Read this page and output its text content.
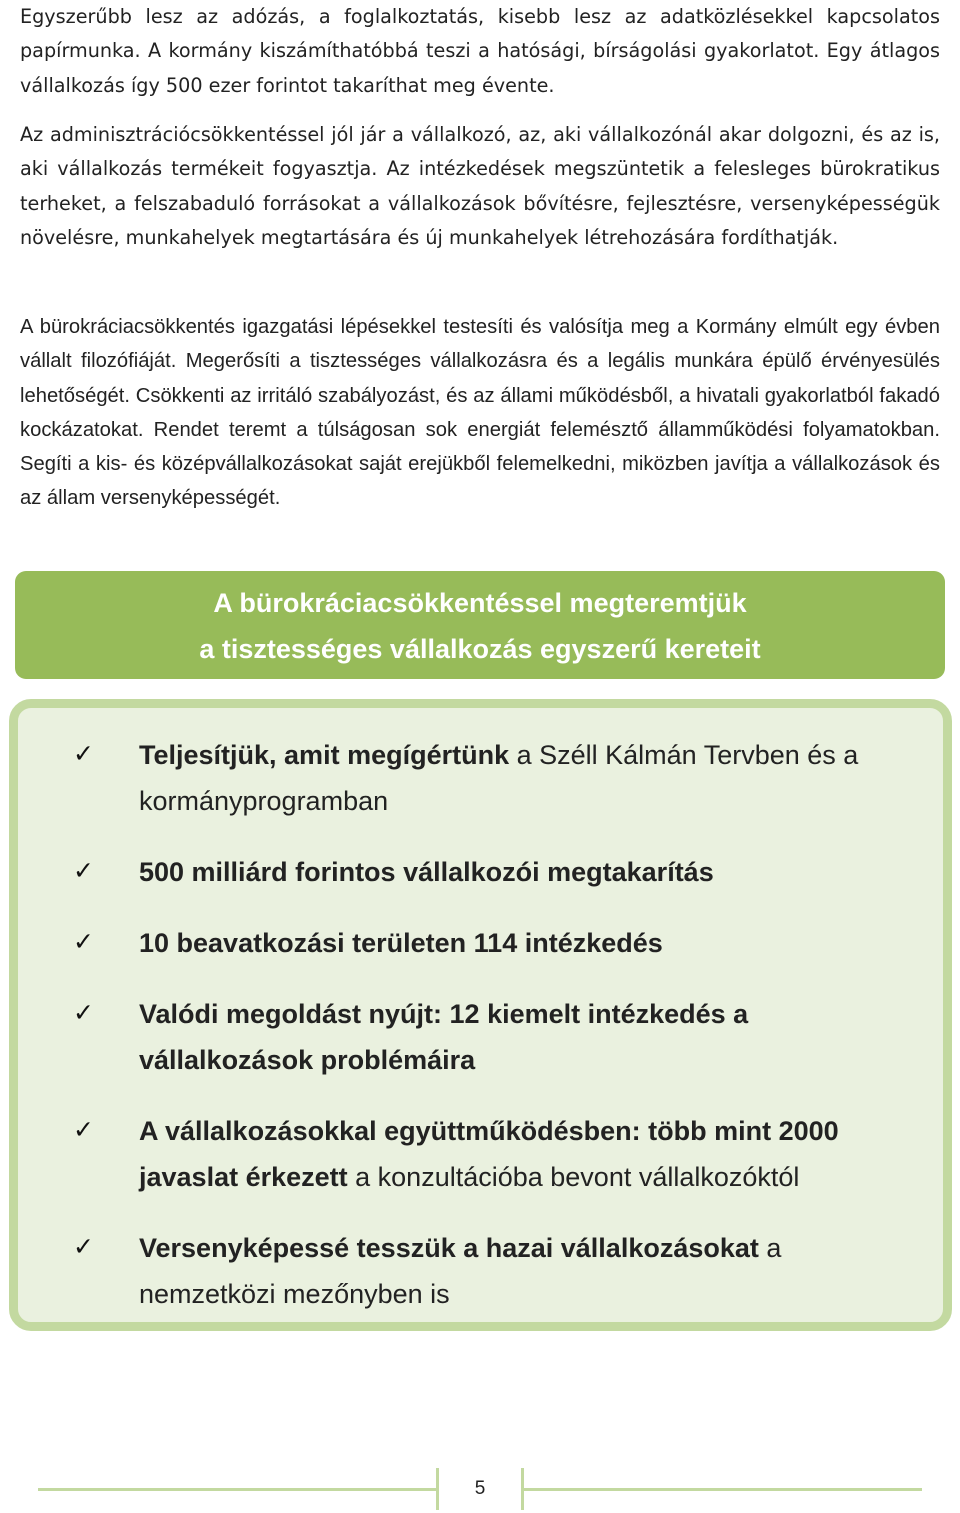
Egyszerűbb lesz az adózás, a foglalkoztatás, kisebb lesz az adatközlésekkel kapcsolatos papírmunka. A kormány kiszámíthatóbbá teszi a hatósági, bírságolási gyakorlatot. Egy átlagos vállalkozás így 500 ezer forintot takaríthat meg évente.

Az adminisztrációcsökkentéssel jól jár a vállalkozó, az, aki vállalkozónál akar dolgozni, és az is, aki vállalkozás termékeit fogyasztja. Az intézkedések megszüntetik a felesleges bürokratikus terheket, a felszabaduló forrásokat a vállalkozások bővítésre, fejlesztésre, versenyképességük növelésre, munkahelyek megtartására és új munkahelyek létrehozására fordíthatják.

A bürokráciacsökkentés igazgatási lépésekkel testesíti és valósítja meg a Kormány elmúlt egy évben vállalt filozófiáját. Megerősíti a tisztességes vállalkozásra és a legális munkára épülő érvényesülés lehetőségét. Csökkenti az irritáló szabályozást, és az állami működésből, a hivatali gyakorlatból fakadó kockázatokat. Rendet teremt a túlságosan sok energiát felemésztő államműködési folyamatokban. Segíti a kis- és középvállalkozásokat saját erejükből felemelkedni, miközben javítja a vállalkozások és az állam versenyképességét.

A bürokráciacsökkentéssel megteremtjük
a tisztességes vállalkozás egyszerű kereteit
✓ Teljesítjük, amit megígértünk a Széll Kálmán Tervben és a kormányprogramban
✓ 500 milliárd forintos vállalkozói megtakarítás
✓ 10 beavatkozási területen 114 intézkedés
✓ Valódi megoldást nyújt: 12 kiemelt intézkedés a vállalkozások problémáira
✓ A vállalkozásokkal együttműködésben: több mint 2000 javaslat érkezett a konzultációba bevont vállalkozóktól
✓ Versenyképessé tesszük a hazai vállalkozásokat a nemzetközi mezőnyben is
5
